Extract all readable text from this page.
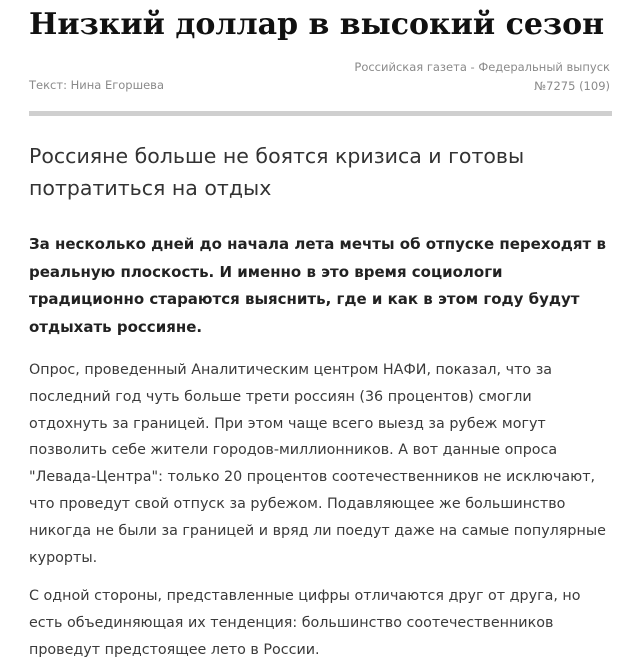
Низкий доллар в высокий сезон
Текст: Нина Егоршева
Российская газета - Федеральный выпуск
№7275 (109)
Россияне больше не боятся кризиса и готовы потратиться на отдых

За несколько дней до начала лета мечты об отпуске переходят в реальную плоскость. И именно в это время социологи традиционно стараются выяснить, где и как в этом году будут отдыхать россияне.

Опрос, проведенный Аналитическим центром НАФИ, показал, что за последний год чуть больше трети россиян (36 процентов) смогли отдохнуть за границей. При этом чаще всего выезд за рубеж могут позволить себе жители городов-миллионников. А вот данные опроса "Левада-Центра": только 20 процентов соотечественников не исключают, что проведут свой отпуск за рубежом. Подавляющее же большинство никогда не были за границей и вряд ли поедут даже на самые популярные курорты.

С одной стороны, представленные цифры отличаются друг от друга, но есть объединяющая их тенденция: большинство соотечественников проведут предстоящее лето в России.
